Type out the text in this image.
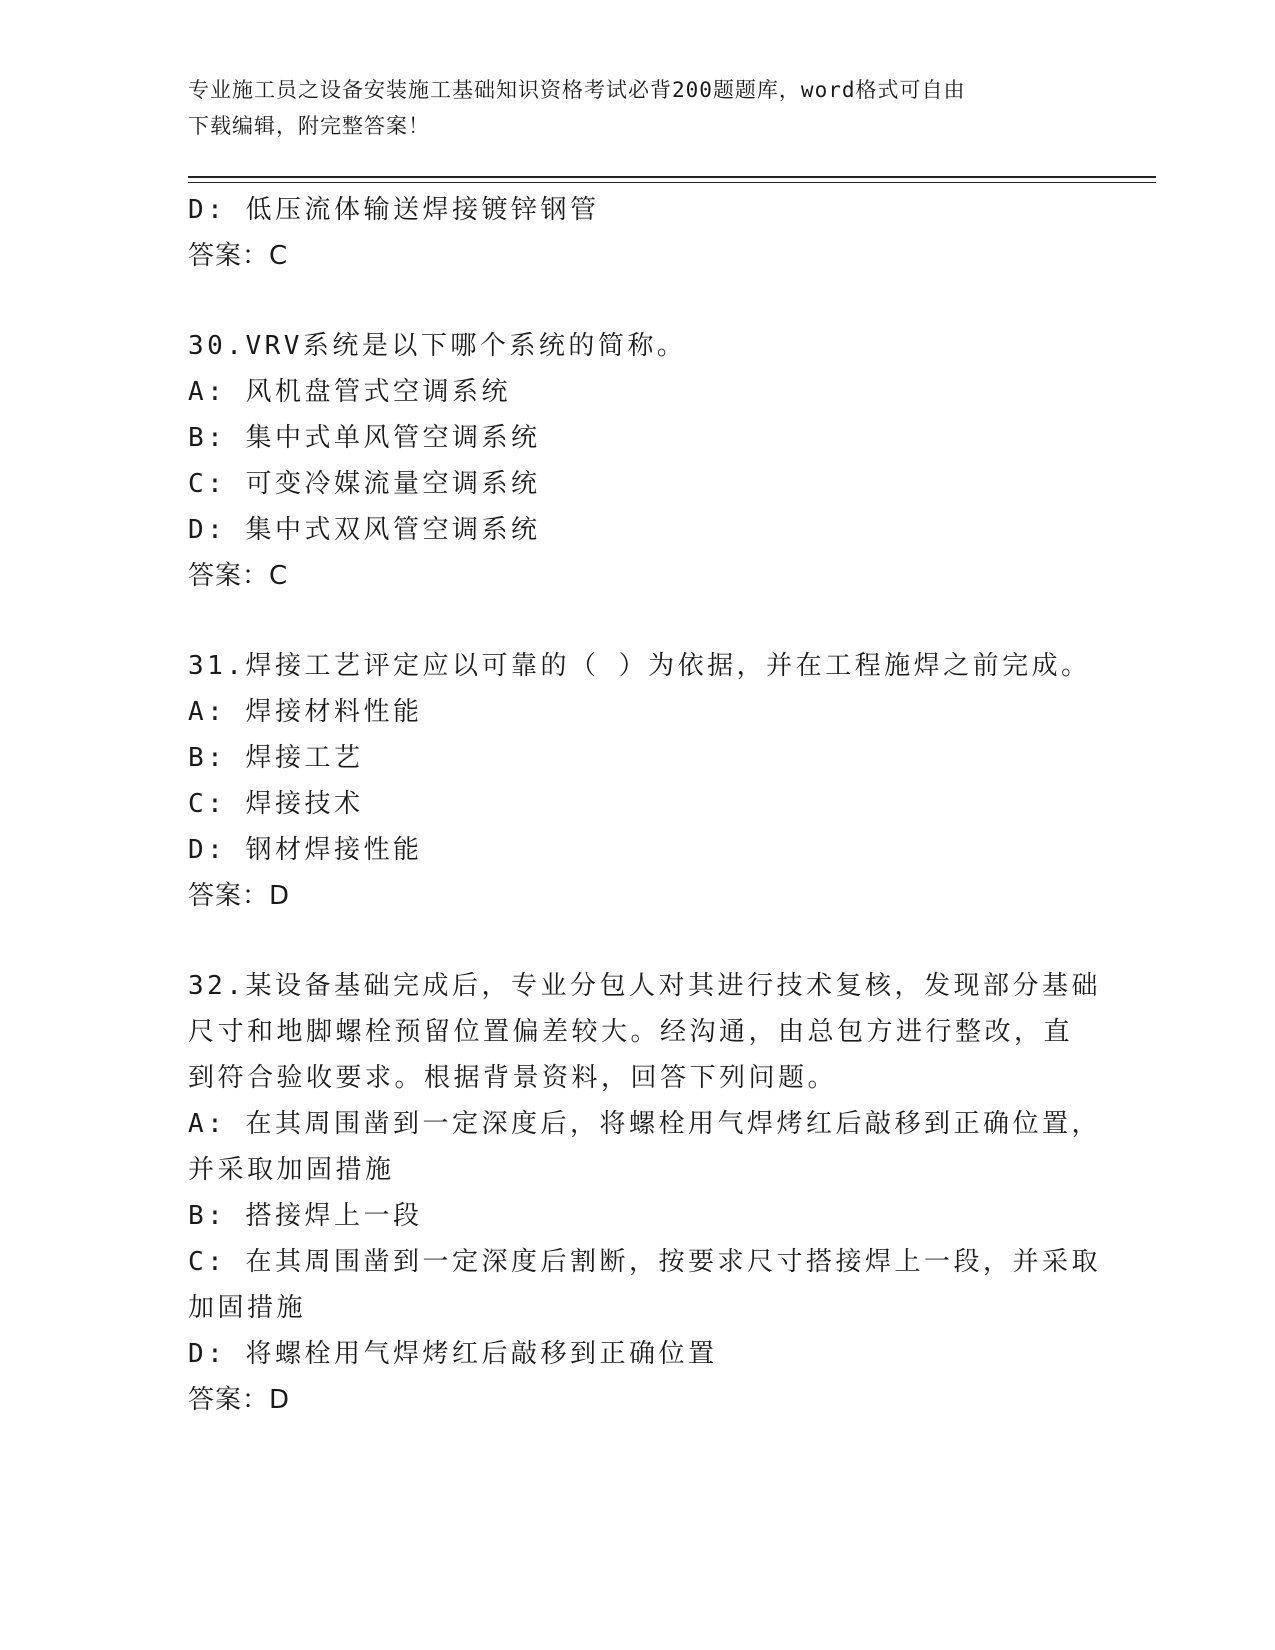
专业施工员之设备安装施工基础知识资格考试必背200题题库，word格式可自由
下载编辑，附完整答案！
D: 低压流体输送焊接镀锌钢管
答案：C
30.VRV系统是以下哪个系统的简称。
A: 风机盘管式空调系统
B: 集中式单风管空调系统
C: 可变冷媒流量空调系统
D: 集中式双风管空调系统
答案：C
31.焊接工艺评定应以可靠的（ ）为依据，并在工程施焊之前完成。
A: 焊接材料性能
B: 焊接工艺
C: 焊接技术
D: 钢材焊接性能
答案：D
32.某设备基础完成后，专业分包人对其进行技术复核，发现部分基础
尺寸和地脚螺栓预留位置偏差较大。经沟通，由总包方进行整改，直
到符合验收要求。根据背景资料，回答下列问题。
A: 在其周围凿到一定深度后，将螺栓用气焊烤红后敲移到正确位置，
并采取加固措施
B: 搭接焊上一段
C: 在其周围凿到一定深度后割断，按要求尺寸搭接焊上一段，并采取
加固措施
D: 将螺栓用气焊烤红后敲移到正确位置
答案：D
